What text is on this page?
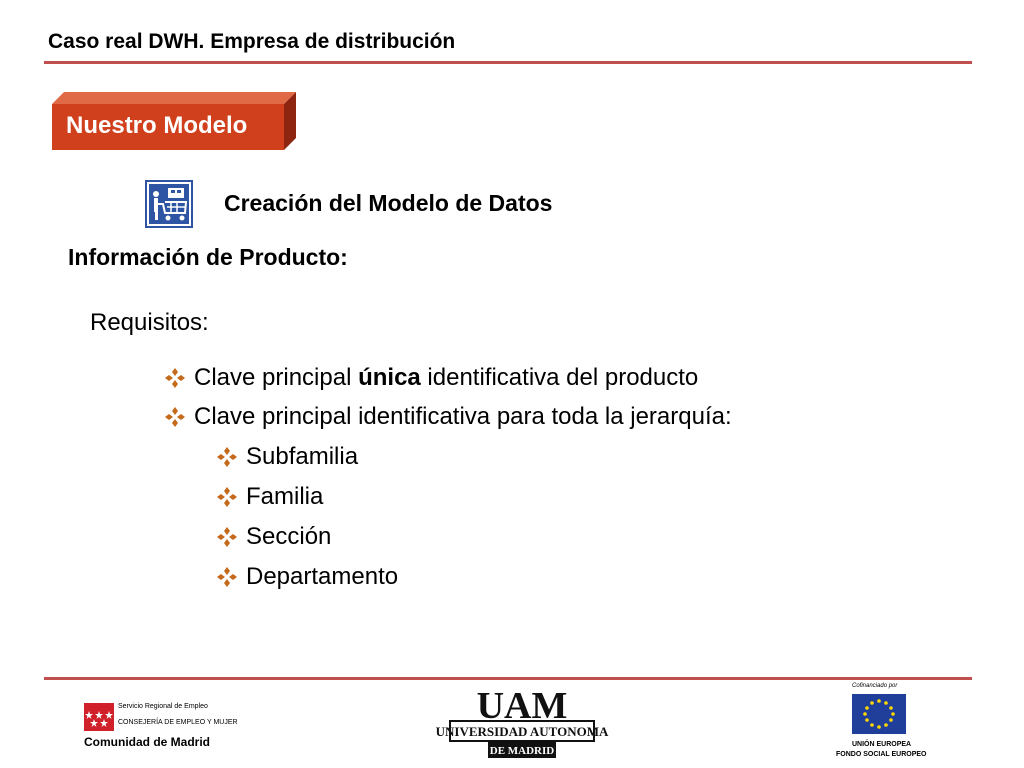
Caso real DWH. Empresa de distribución
Nuestro Modelo
Creación del Modelo de Datos
Información de Producto:
Requisitos:
Clave principal única identificativa del producto
Clave principal identificativa para toda la jerarquía:
Subfamilia
Familia
Sección
Departamento
Servicio Regional de Empleo
CONSEJERÍA DE EMPLEO Y MUJER
Comunidad de Madrid
UAM
UNIVERSIDAD AUTONOMA
DE MADRID
Cofinanciado por
UNIÓN EUROPEA
FONDO SOCIAL EUROPEO
